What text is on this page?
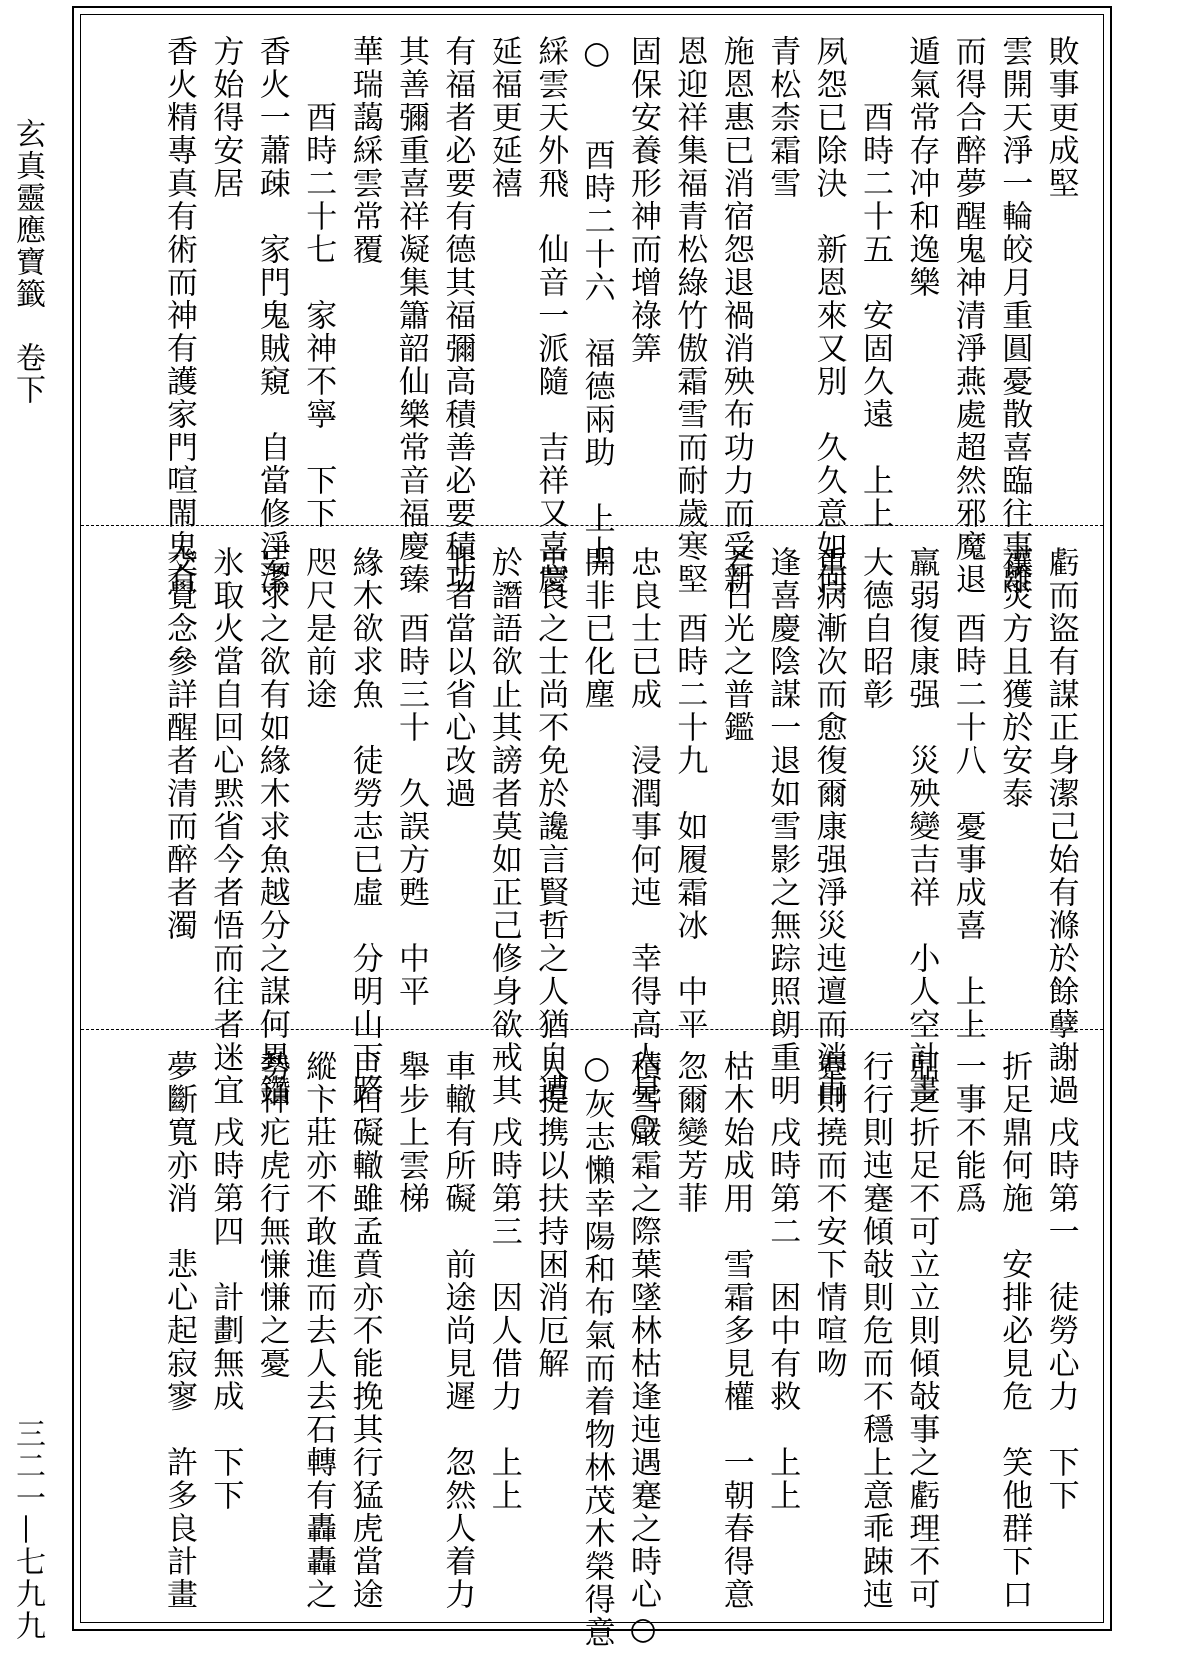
玄真靈應寶籤　卷下
三二一—七九九
敗事更成堅
雲開天淨一輪皎月重圓憂散喜臨往事離
而得合醉夢醒鬼神清淨燕處超然邪魔退
遁氣常存冲和逸樂
　　酉時二十五　安固久遠　上上
夙怨已除決　新恩來又別　久久意如何
青松柰霜雪
施恩惠已消宿怨退禍消殃布功力而受新
恩迎祥集福青松綠竹傲霜雪而耐歲寒堅
固保安養形神而增祿筭
○　　酉時二十六　福德兩助　上上
綵雲天外飛　仙音一派隨　吉祥又喜慶
延福更延禧
有福者必要有德其福彌高積善必要積功
其善彌重喜祥凝集簫韶仙樂常音福慶臻
華瑞藹綵雲常覆
　　酉時二十七　家神不寧　下下
香火一蕭疎　家門鬼賊窺　自當修淨潔
方始得安居
香火精專真有術而神有護家門喧閙鬼有
虧而盜有謀正身潔己始有滌於餘孽謝過
禳災方且獲於安泰
　　酉時二十八　憂事成喜　上上
羸弱復康强　災殃變吉祥　小人空計畫
大德自昭彰
重病漸次而愈復爾康强淨災迍邅而消再
逢喜慶陰謀一退如雪影之無踪照朗重明
若日光之普鑑
　　酉時二十九　如履霜冰　中平
忠良士已成　浸潤事何迍　幸得高人見○
開非已化塵
忠良之士尚不免於讒言賢哲之人猶自遭
於譖語欲止其謗者莫如正己修身欲戒其
非者當以省心改過
　　酉時三十　久誤方甦　中平
緣木欲求魚　徒勞志已虛　分明山下路
咫尺是前途
妄求之欲有如緣木求魚越分之謀何異鑽
氷取火當自回心黙省今者悟而往者迷宜
交覺念參詳醒者清而醉者濁
　　戌時第一　徒勞心力　下下
折足鼎何施　安排必見危　笑他群下口
一事不能爲
鼎之折足不可立立則傾敧事之虧理不可
行行則迍蹇傾敧則危而不穩上意乖踈迍
蹇則撓而不安下情喧吻
　　戌時第二　困中有救　上上
枯木始成用　雪霜多見權　一朝春得意
忽爾變芳菲
積雪嚴霜之際葉墜林枯逢迍遇蹇之時心○
○灰志懶幸陽和布氣而着物林茂木榮得意
人提携以扶持困消厄解
　　戌時第三　因人借力　上上
車轍有所礙　前途尚見遲　忽然人着力
舉步上雲梯
巨石礙轍雖孟賁亦不能挽其行猛虎當途
縱卞莊亦不敢進而去人去石轉有轟轟之
勢神疕虎行無慊慊之憂
　　戌時第四　計劃無成　下下
夢斷寬亦消　悲心起寂寥　許多良計畫
